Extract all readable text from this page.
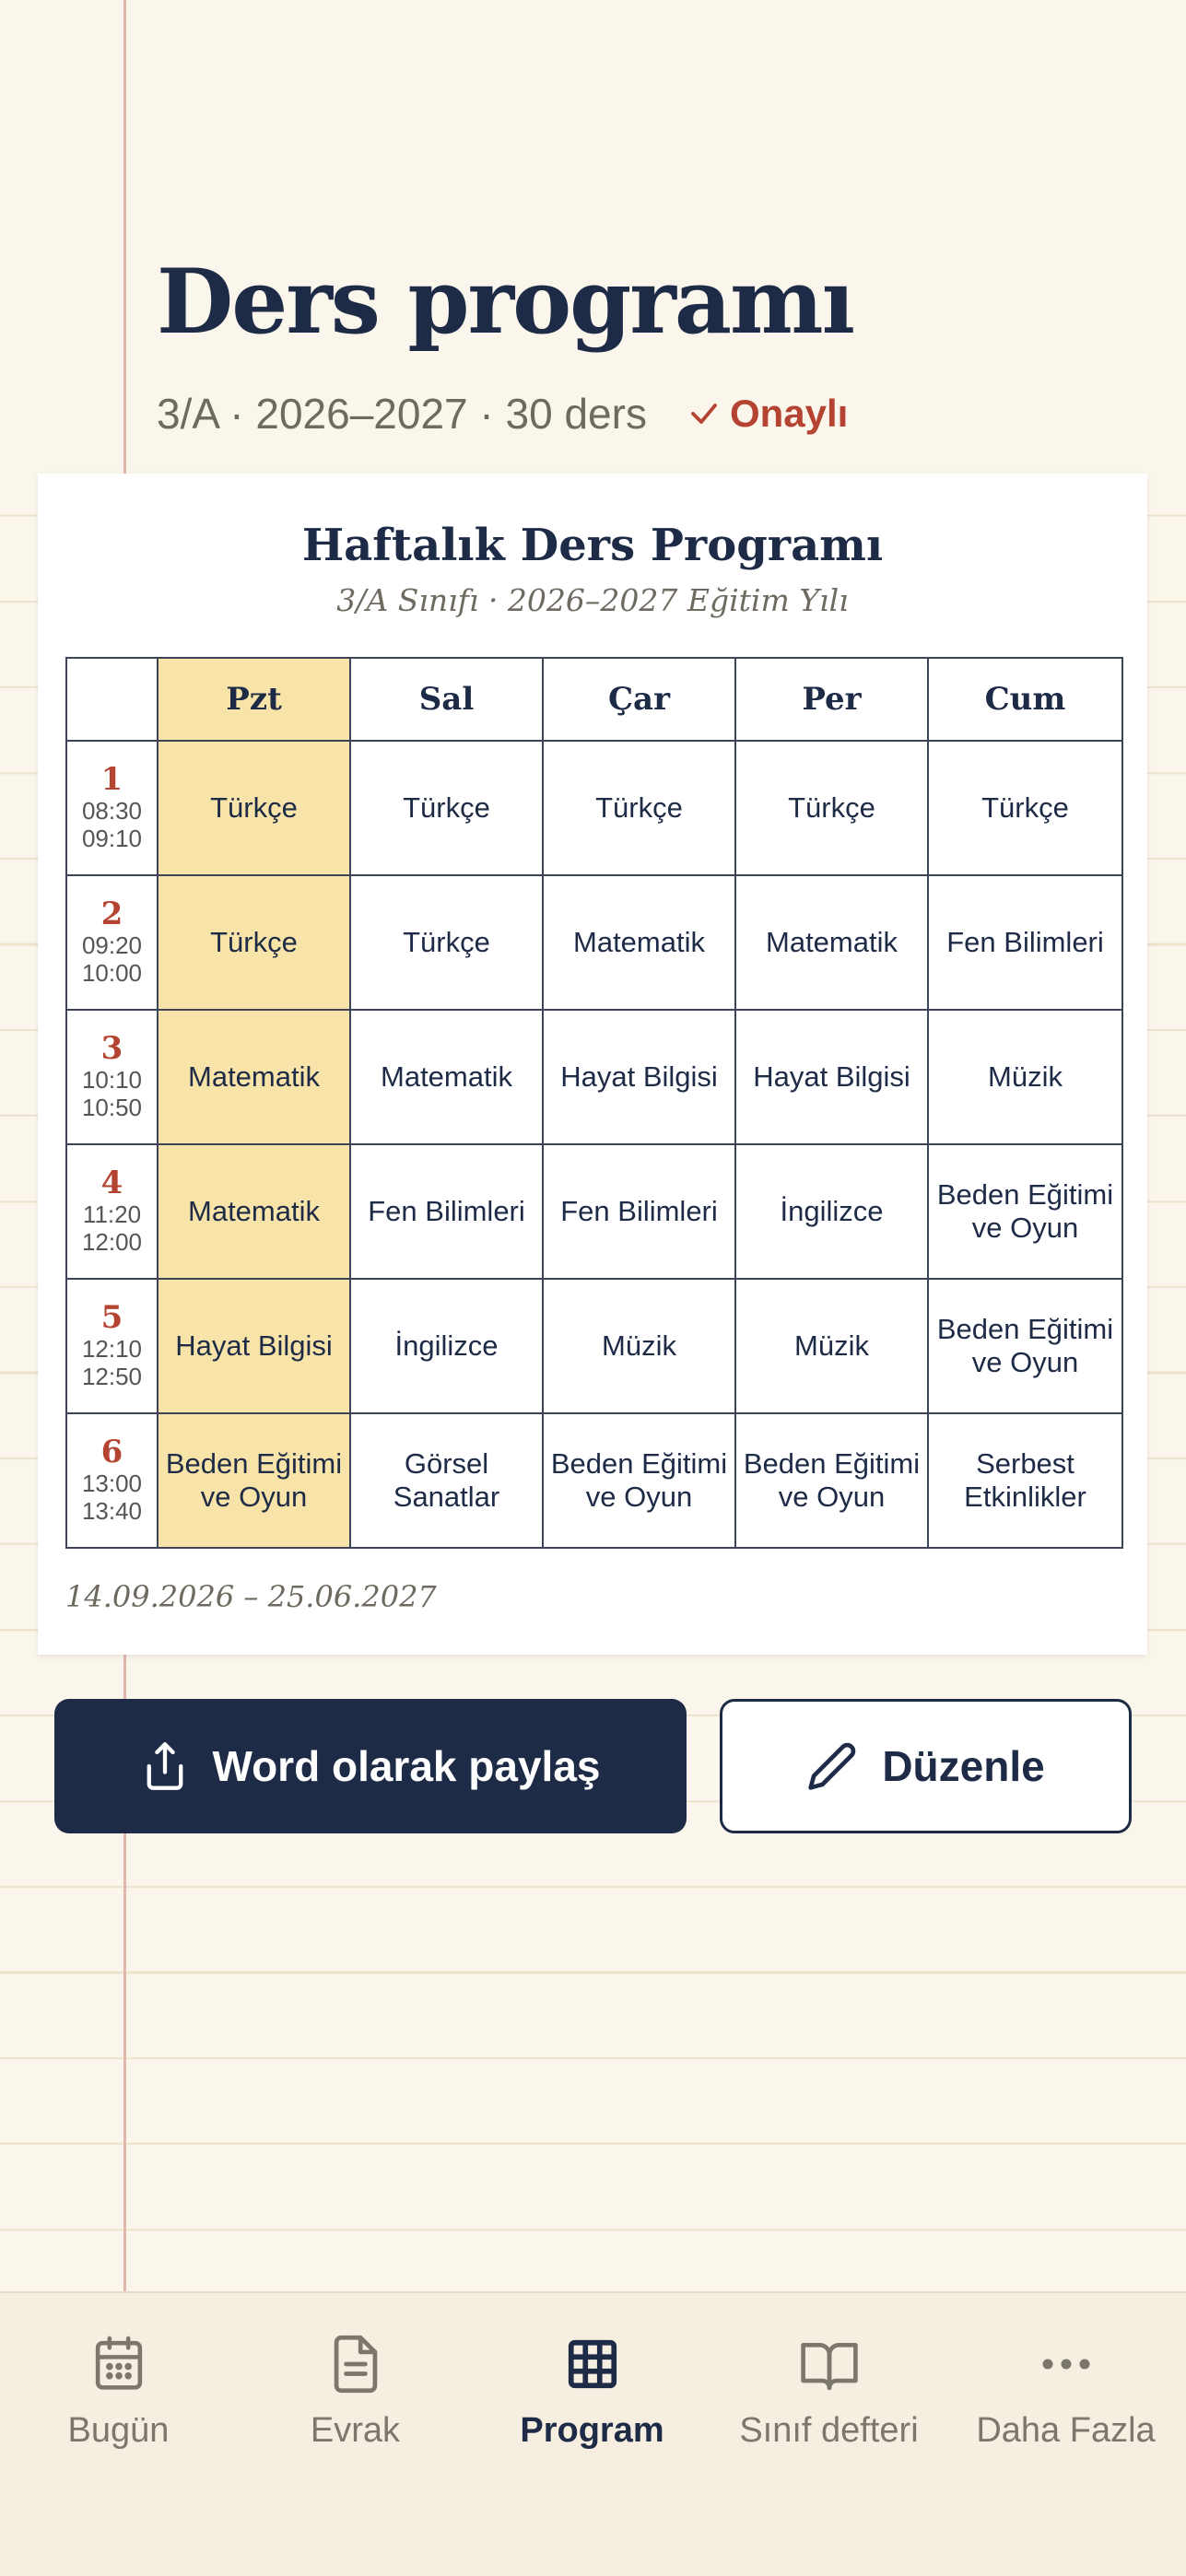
Ders programı
3/A · 2026–2027 · 30 ders Onaylı
Haftalık Ders Programı
3/A Sınıfı · 2026–2027 Eğitim Yılı
	Pzt	Sal	Çar	Per	Cum

1
08:30
09:10	Türkçe	Türkçe	Türkçe	Türkçe	Türkçe

2
09:20
10:00	Türkçe	Türkçe	Matematik	Matematik	Fen Bilimleri

3
10:10
10:50	Matematik	Matematik	Hayat Bilgisi	Hayat Bilgisi	Müzik

4
11:20
12:00	Matematik	Fen Bilimleri	Fen Bilimleri	İngilizce	Beden Eğitimi ve Oyun

5
12:10
12:50	Hayat Bilgisi	İngilizce	Müzik	Müzik	Beden Eğitimi ve Oyun

6
13:00
13:40	Beden Eğitimi ve Oyun	Görsel Sanatlar	Beden Eğitimi ve Oyun	Beden Eğitimi ve Oyun	Serbest Etkinlikler
14.09.2026 – 25.06.2027
Word olarak paylaş	Düzenle
Bugün	Evrak	Program	Sınıf defteri	Daha Fazla
